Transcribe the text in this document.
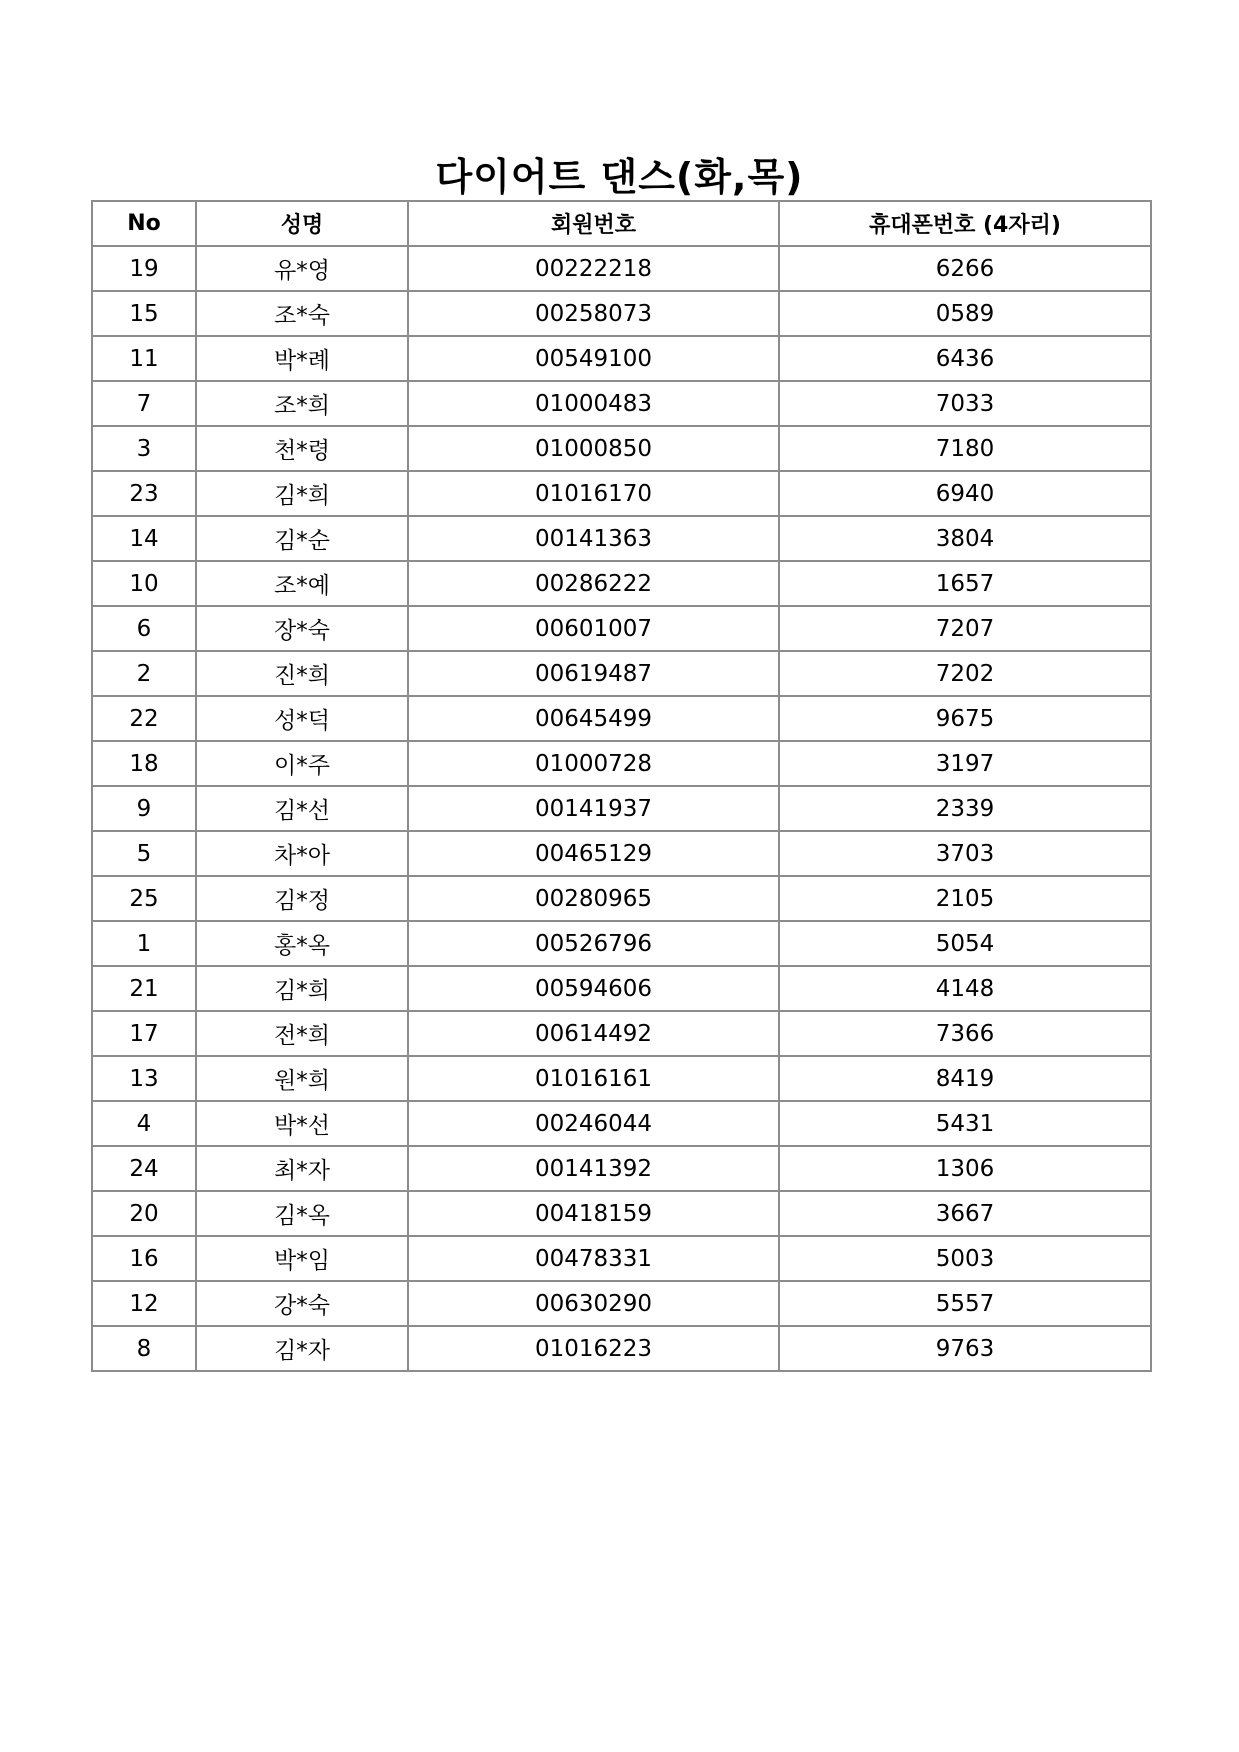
다이어트 댄스(화,목)
No	성명	회원번호	휴대폰번호 (4자리)
19	유*영	00222218	6266
15	조*숙	00258073	0589
11	박*례	00549100	6436
7	조*희	01000483	7033
3	천*령	01000850	7180
23	김*희	01016170	6940
14	김*순	00141363	3804
10	조*예	00286222	1657
6	장*숙	00601007	7207
2	진*희	00619487	7202
22	성*덕	00645499	9675
18	이*주	01000728	3197
9	김*선	00141937	2339
5	차*아	00465129	3703
25	김*정	00280965	2105
1	홍*옥	00526796	5054
21	김*희	00594606	4148
17	전*희	00614492	7366
13	원*희	01016161	8419
4	박*선	00246044	5431
24	최*자	00141392	1306
20	김*옥	00418159	3667
16	박*임	00478331	5003
12	강*숙	00630290	5557
8	김*자	01016223	9763
